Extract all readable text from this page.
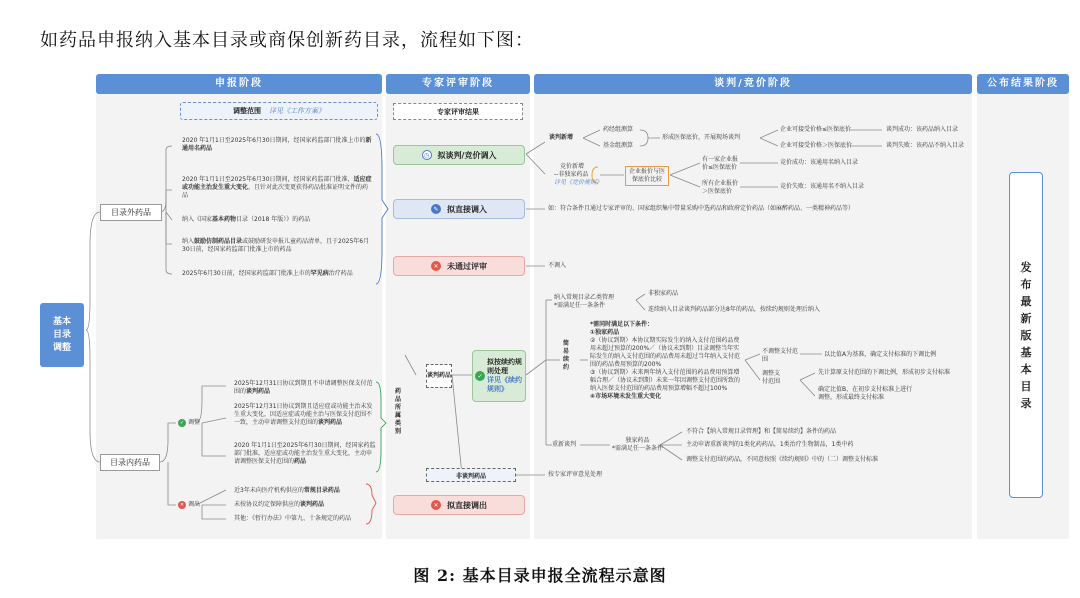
如药品申报纳入基本目录或商保创新药目录，流程如下图：
申报阶段	专家评审阶段	谈判/竞价阶段	公布结果阶段
基本
目录
调整
调整范围 详见《工作方案》
目录外药品
2020 年1月1日至2025年6月30日期间，经国家药监部门批准上市的新通用名药品
2020 年1月1日至2025年6月30日期间，经国家药监部门批准，适应症或功能主治发生重大变化，且针对此次变更获得药品批准证明文件的药品
纳入《国家基本药物目录（2018 年版）》的药品
纳入鼓励仿制药品目录或鼓励研发申报儿童药品清单，且于2025年6月30日前，经国家药监部门批准上市的药品
2025年6月30日前，经国家药监部门批准上市的罕见病治疗药品
目录内药品
✓ 调整
✕ 调出
2025年12月31日协议到期且不申请调整医保支付范围的谈判药品
2025年12月31日协议到期且适应症或功能主治未发生重大变化，因适应症或功能主治与医保支付范围不一致，主动申请调整支付范围的谈判药品
2020 年1月1日至2025年6月30日期间，经国家药监部门批准，适应症或功能主治发生重大变化，主动申请调整医保支付范围的药品
近3年未向医疗机构供应的常规目录药品
未按协议约定保障供应的谈判药品
其他：《暂行办法》中第九、十条规定的药品
专家评审结果
◷ 拟谈判/竞价调入
✎	拟直接调入
✕	未通过评审
药品所属类别
谈判药品	✓
拟按续约规则处理
详见《续约规则》
非谈判药品
✕	拟直接调出
谈判新增
药经组测算
基金组测算
形成医保底价，开展现场谈判
企业可接受价格≤医保底价
企业可接受价格＞医保底价
谈判成功：该药品纳入目录
谈判失败：该药品不纳入目录
竞价新增
--非独家药品
详见《竞价规则》
企业报价与医保底价比较
有一家企业报价≤医保底价
所有企业报价＞医保底价
竞价成功：该通用名纳入目录
竞价失败：该通用名不纳入目录
如：符合条件且通过专家评审的、国家组织集中带量采购中选药品和政府定价药品（如麻醉药品、一类精神药品等）
不调入
纳入常规目录乙类管理
*需满足任一条条件
非独家药品
连续纳入目录谈判药品部分达8年的药品，按续约规则处理后纳入
简易续约
*需同时满足以下条件：
①独家药品
②（协议到期）本协议期实际发生的纳入支付范围药品费用未超过预算的200%／（协议未到期）目录调整当年实际发生的纳入支付范围的药品费用未超过当年纳入支付范围的药品费用预算的200%
③（协议到期）未来两年纳入支付范围的药品费用预算增幅合理／（协议未到期）未来一年因调整支付范围所致的纳入医保支付范围的药品费用预算增幅不超过100%
④市场环境未发生重大变化
不调整支付范围
调整支付范围
以比值A为基准，确定支付标准的下调比例
先计算原支付范围的下调比例，形成初步支付标准
确定比值B，在初步支付标准上进行调整，形成最终支付标准
重新谈判
独家药品
*需满足任一条条件
不符合【纳入常规目录管理】和【简易续约】条件的药品
主动申请重新谈判的1类化药药品，1类治疗生物制品，1类中药
调整支付范围的药品，不同意按照《续约规则》中的（二）调整支付标准
按专家评审意见处理
发布最新版基本目录
图 2: 基本目录申报全流程示意图
